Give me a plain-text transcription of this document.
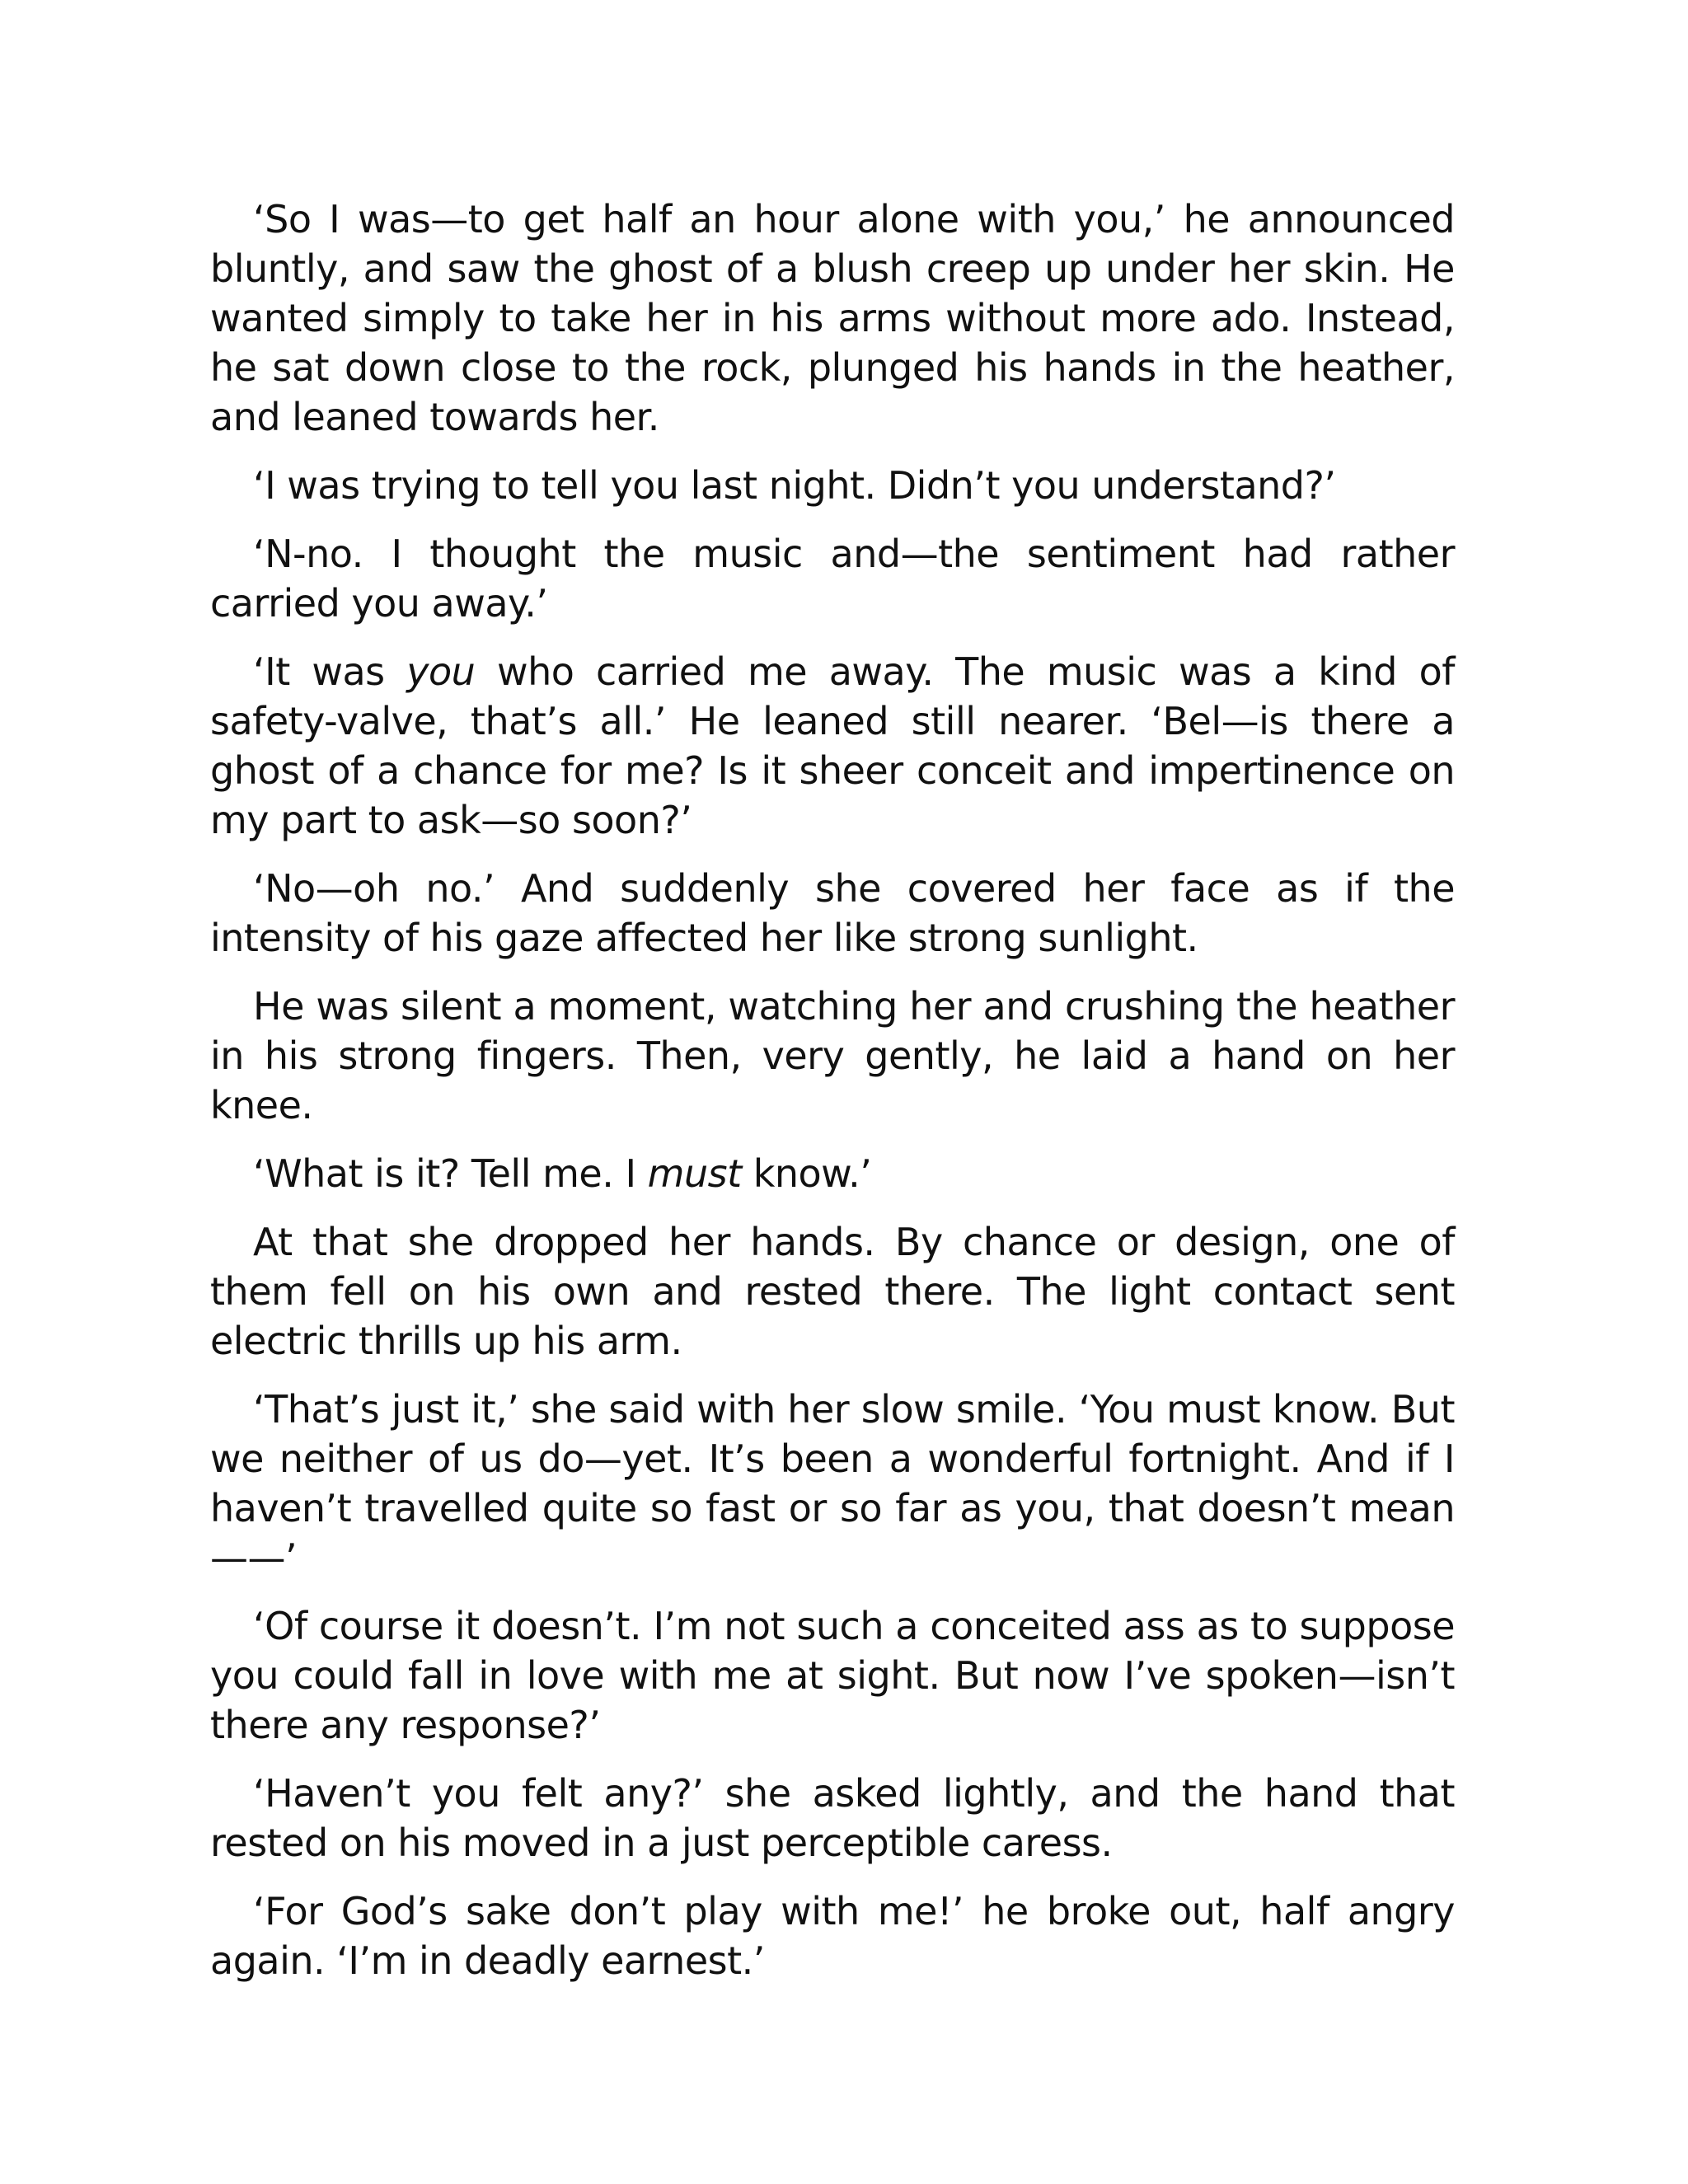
‘So I was—to get half an hour alone with you,’ he announced bluntly, and saw the ghost of a blush creep up under her skin. He wanted simply to take her in his arms without more ado. Instead, he sat down close to the rock, plunged his hands in the heather, and leaned towards her.

‘I was trying to tell you last night. Didn’t you understand?’

‘N-no. I thought the music and—the sentiment had rather carried you away.’

‘It was you who carried me away. The music was a kind of safety-valve, that’s all.’ He leaned still nearer. ‘Bel—is there a ghost of a chance for me? Is it sheer conceit and impertinence on my part to ask—so soon?’

‘No—oh no.’ And suddenly she covered her face as if the intensity of his gaze affected her like strong sunlight.

He was silent a moment, watching her and crushing the heather in his strong fingers. Then, very gently, he laid a hand on her knee.

‘What is it? Tell me. I must know.’

At that she dropped her hands. By chance or design, one of them fell on his own and rested there. The light contact sent electric thrills up his arm.

‘That’s just it,’ she said with her slow smile. ‘You must know. But we neither of us do—yet. It’s been a wonderful fortnight. And if I haven’t travelled quite so fast or so far as you, that doesn’t mean ——’

‘Of course it doesn’t. I’m not such a conceited ass as to suppose you could fall in love with me at sight. But now I’ve spoken—isn’t there any response?’

‘Haven’t you felt any?’ she asked lightly, and the hand that rested on his moved in a just perceptible caress.

‘For God’s sake don’t play with me!’ he broke out, half angry again. ‘I’m in deadly earnest.’
